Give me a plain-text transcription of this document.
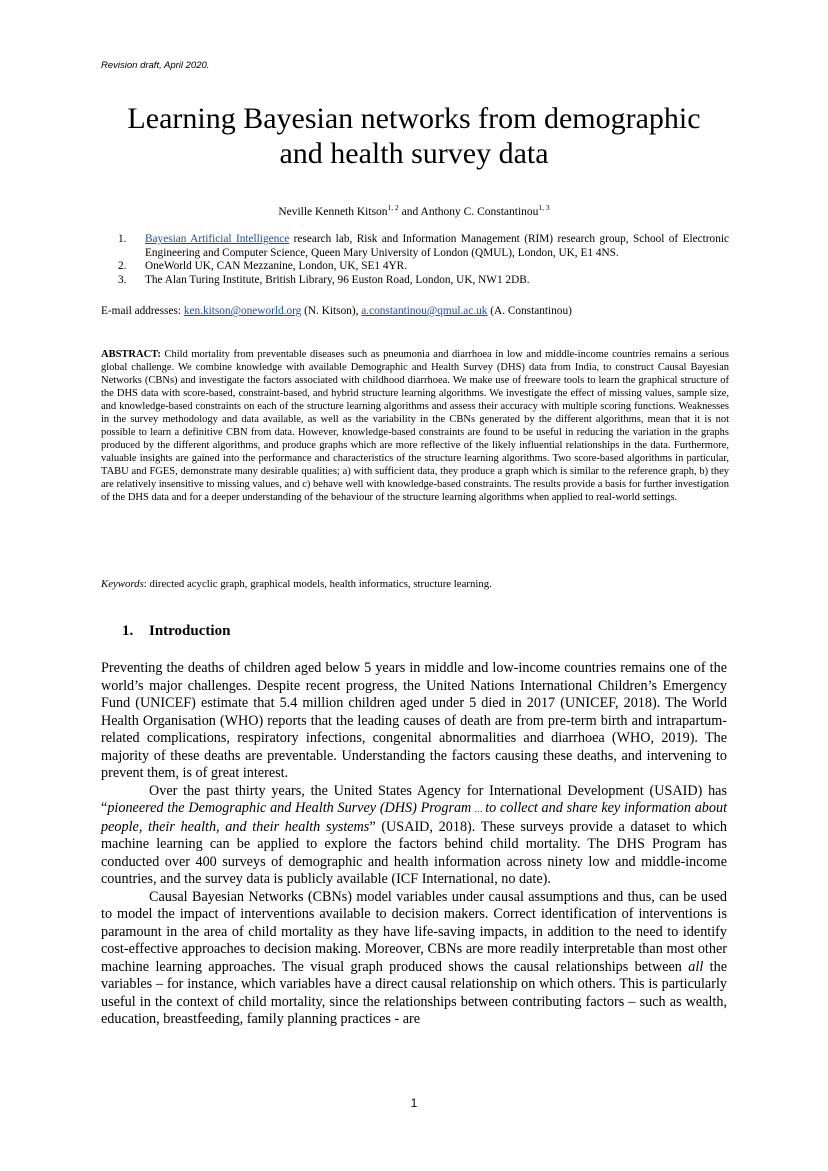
Revision draft, April 2020.
Learning Bayesian networks from demographic
and health survey data
Neville Kenneth Kitson$^{1, 2}$ and Anthony C. Constantinou$^{1, 3}$
1.	Bayesian Artificial Intelligence research lab, Risk and Information Management (RIM) research group, School of Electronic Engineering and Computer Science, Queen Mary University of London (QMUL), London, UK, E1 4NS.
2.	OneWorld UK, CAN Mezzanine, London, UK, SE1 4YR.
3.	The Alan Turing Institute, British Library, 96 Euston Road, London, UK, NW1 2DB.
E-mail addresses: ken.kitson@oneworld.org (N. Kitson), a.constantinou@qmul.ac.uk (A. Constantinou)
ABSTRACT: Child mortality from preventable diseases such as pneumonia and diarrhoea in low and middle-income countries remains a serious global challenge. We combine knowledge with available Demographic and Health Survey (DHS) data from India, to construct Causal Bayesian Networks (CBNs) and investigate the factors associated with childhood diarrhoea. We make use of freeware tools to learn the graphical structure of the DHS data with score-based, constraint-based, and hybrid structure learning algorithms. We investigate the effect of missing values, sample size, and knowledge-based constraints on each of the structure learning algorithms and assess their accuracy with multiple scoring functions. Weaknesses in the survey methodology and data available, as well as the variability in the CBNs generated by the different algorithms, mean that it is not possible to learn a definitive CBN from data. However, knowledge-based constraints are found to be useful in reducing the variation in the graphs produced by the different algorithms, and produce graphs which are more reflective of the likely influential relationships in the data. Furthermore, valuable insights are gained into the performance and characteristics of the structure learning algorithms. Two score-based algorithms in particular, TABU and FGES, demonstrate many desirable qualities; a) with sufficient data, they produce a graph which is similar to the reference graph, b) they are relatively insensitive to missing values, and c) behave well with knowledge-based constraints. The results provide a basis for further investigation of the DHS data and for a deeper understanding of the behaviour of the structure learning algorithms when applied to real-world settings.
Keywords: directed acyclic graph, graphical models, health informatics, structure learning.
1. Introduction

Preventing the deaths of children aged below 5 years in middle and low-income countries remains one of the world’s major challenges. Despite recent progress, the United Nations International Children’s Emergency Fund (UNICEF) estimate that 5.4 million children aged under 5 died in 2017 (UNICEF, 2018). The World Health Organisation (WHO) reports that the leading causes of death are from pre-term birth and intrapartum-related complications, respiratory infections, congenital abnormalities and diarrhoea (WHO, 2019). The majority of these deaths are preventable. Understanding the factors causing these deaths, and intervening to prevent them, is of great interest.

Over the past thirty years, the United States Agency for International Development (USAID) has “pioneered the Demographic and Health Survey (DHS) Program … to collect and share key information about people, their health, and their health systems” (USAID, 2018). These surveys provide a dataset to which machine learning can be applied to explore the factors behind child mortality. The DHS Program has conducted over 400 surveys of demographic and health information across ninety low and middle-income countries, and the survey data is publicly available (ICF International, no date).

Causal Bayesian Networks (CBNs) model variables under causal assumptions and thus, can be used to model the impact of interventions available to decision makers. Correct identification of interventions is paramount in the area of child mortality as they have life-saving impacts, in addition to the need to identify cost-effective approaches to decision making. Moreover, CBNs are more readily interpretable than most other machine learning approaches. The visual graph produced shows the causal relationships between all the variables – for instance, which variables have a direct causal relationship on which others. This is particularly useful in the context of child mortality, since the relationships between contributing factors – such as wealth, education, breastfeeding, family planning practices - are

1
